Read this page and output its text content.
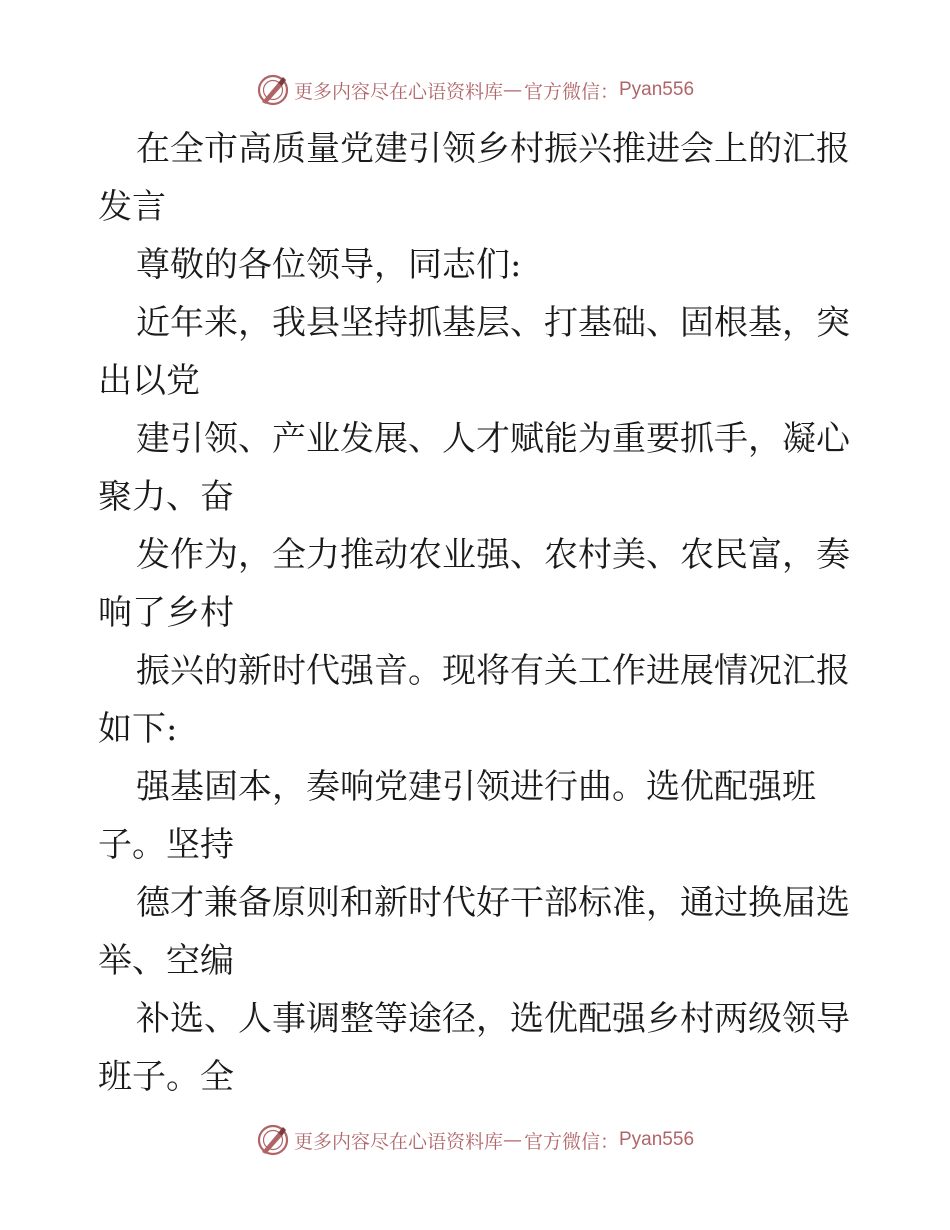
更多内容尽在心语资料库 — 官方微信： Pyan556

在全市高质量党建引领乡村振兴推进会上的汇报

发言

尊敬的各位领导，同志们:

近年来，我县坚持抓基层、打基础、固根基，突

出以党

建引领、产业发展、人才赋能为重要抓手，凝心

聚力、奋

发作为，全力推动农业强、农村美、农民富，奏

响了乡村

振兴的新时代强音。现将有关工作进展情况汇报

如下:

强基固本，奏响党建引领进行曲。选优配强班

子。坚持

德才兼备原则和新时代好干部标准，通过换届选

举、空编

补选、人事调整等途径，选优配强乡村两级领导

班子。全

更多内容尽在心语资料库 — 官方微信： Pyan556
